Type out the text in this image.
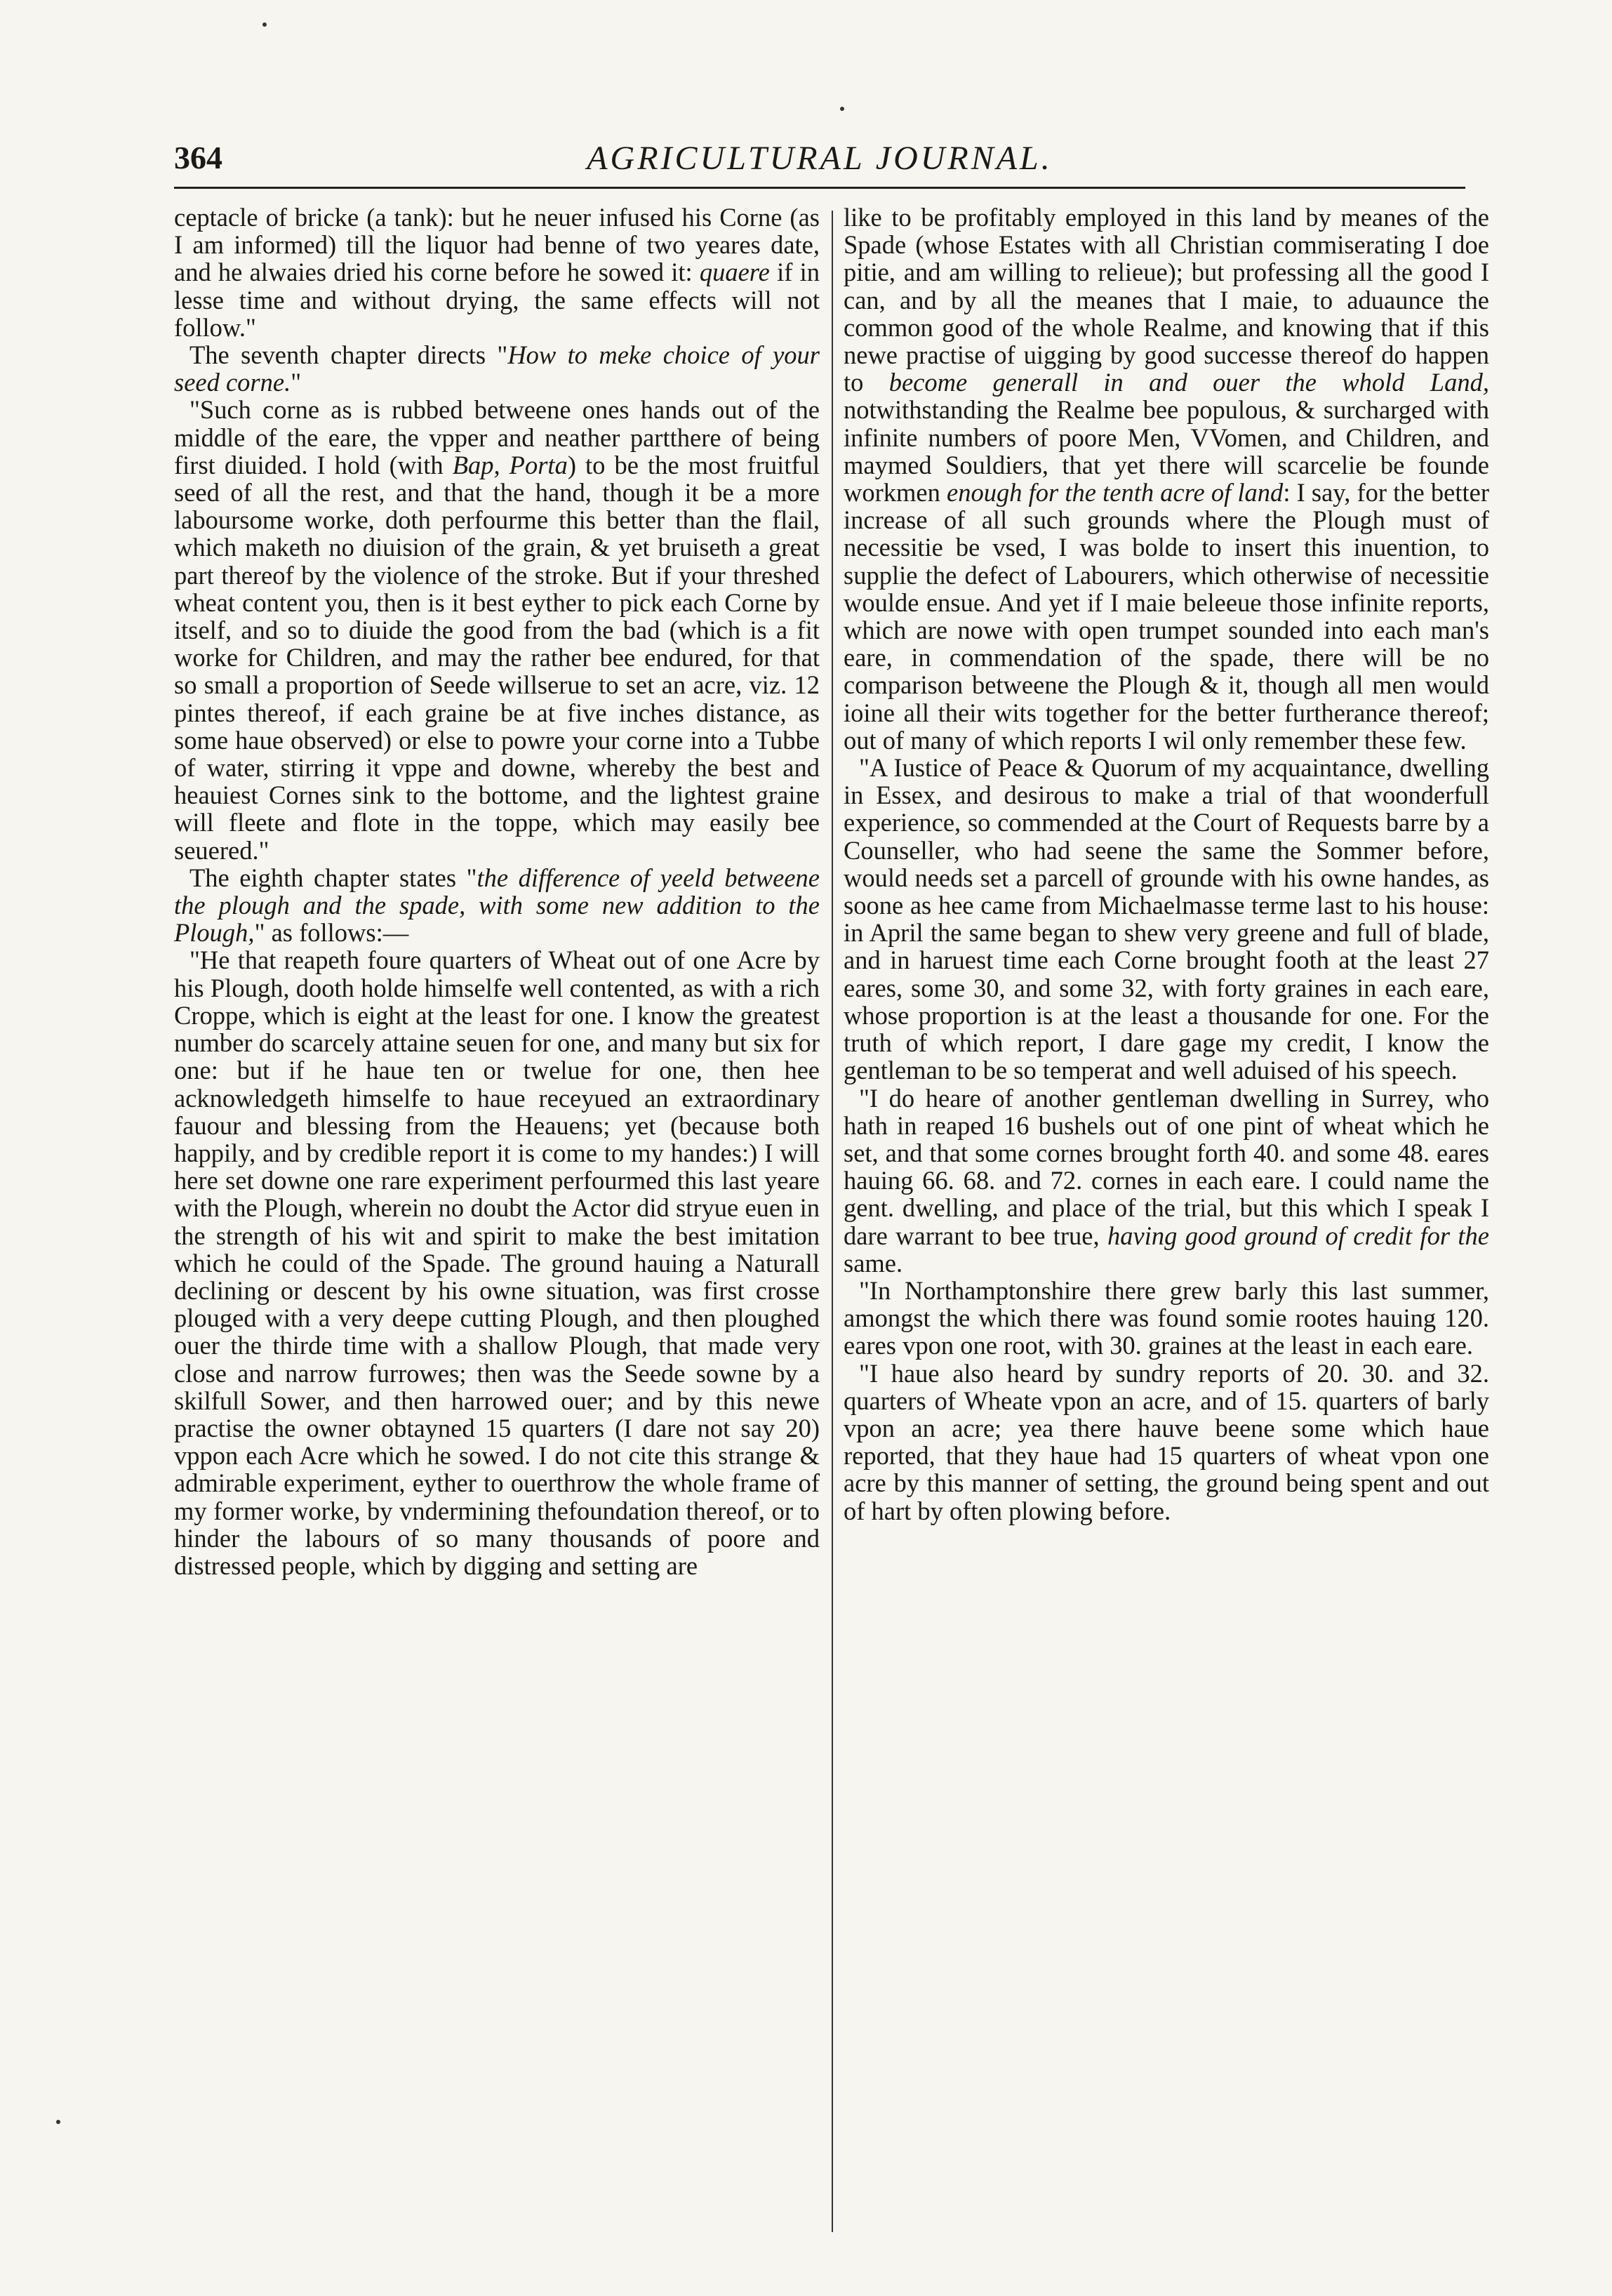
364	AGRICULTURAL JOURNAL.

ceptacle of bricke (a tank): but he neuer infused his Corne (as I am informed) till the liquor had benne of two yeares date, and he alwaies dried his corne before he sowed it: quaere if in lesse time and without drying, the same effects will not follow."

The seventh chapter directs "How to meke choice of your seed corne."

"Such corne as is rubbed betweene ones hands out of the middle of the eare, the vpper and neather partthere of being first diuided. I hold (with Bap, Porta) to be the most fruitful seed of all the rest, and that the hand, though it be a more laboursome worke, doth perfourme this better than the flail, which maketh no diuision of the grain, & yet bruiseth a great part thereof by the violence of the stroke. But if your threshed wheat content you, then is it best eyther to pick each Corne by itself, and so to diuide the good from the bad (which is a fit worke for Children, and may the rather bee endured, for that so small a proportion of Seede willserue to set an acre, viz. 12 pintes thereof, if each graine be at five inches distance, as some haue observed) or else to powre your corne into a Tubbe of water, stirring it vppe and downe, whereby the best and heauiest Cornes sink to the bottome, and the lightest graine will fleete and flote in the toppe, which may easily bee seuered."

The eighth chapter states "the difference of yeeld betweene the plough and the spade, with some new addition to the Plough," as follows:—

"He that reapeth foure quarters of Wheat out of one Acre by his Plough, dooth holde himselfe well contented, as with a rich Croppe, which is eight at the least for one. I know the greatest number do scarcely attaine seuen for one, and many but six for one: but if he haue ten or twelue for one, then hee acknowledgeth himselfe to haue receyued an extraordinary fauour and blessing from the Heauens; yet (because both happily, and by credible report it is come to my handes:) I will here set downe one rare experiment perfourmed this last yeare with the Plough, wherein no doubt the Actor did stryue euen in the strength of his wit and spirit to make the best imitation which he could of the Spade. The ground hauing a Naturall declining or descent by his owne situation, was first crosse plouged with a very deepe cutting Plough, and then ploughed ouer the thirde time with a shallow Plough, that made very close and narrow furrowes; then was the Seede sowne by a skilfull Sower, and then harrowed ouer; and by this newe practise the owner obtayned 15 quarters (I dare not say 20) vppon each Acre which he sowed. I do not cite this strange & admirable experiment, eyther to ouerthrow the whole frame of my former worke, by vndermining thefoundation thereof, or to hinder the labours of so many thousands of poore and distressed people, which by digging and setting are

like to be profitably employed in this land by meanes of the Spade (whose Estates with all Christian commiserating I doe pitie, and am willing to relieue); but professing all the good I can, and by all the meanes that I maie, to aduaunce the common good of the whole Realme, and knowing that if this newe practise of uigging by good successe thereof do happen to become generall in and ouer the whold Land, notwithstanding the Realme bee populous, & surcharged with infinite numbers of poore Men, VVomen, and Children, and maymed Souldiers, that yet there will scarcelie be founde workmen enough for the tenth acre of land: I say, for the better increase of all such grounds where the Plough must of necessitie be vsed, I was bolde to insert this inuention, to supplie the defect of Labourers, which otherwise of necessitie woulde ensue. And yet if I maie beleeue those infinite reports, which are nowe with open trumpet sounded into each man's eare, in commendation of the spade, there will be no comparison betweene the Plough & it, though all men would ioine all their wits together for the better furtherance thereof; out of many of which reports I wil only remember these few.

"A Iustice of Peace & Quorum of my acquaintance, dwelling in Essex, and desirous to make a trial of that woonderfull experience, so commended at the Court of Requests barre by a Counseller, who had seene the same the Sommer before, would needs set a parcell of grounde with his owne handes, as soone as hee came from Michaelmasse terme last to his house: in April the same began to shew very greene and full of blade, and in haruest time each Corne brought footh at the least 27 eares, some 30, and some 32, with forty graines in each eare, whose proportion is at the least a thousande for one. For the truth of which report, I dare gage my credit, I know the gentleman to be so temperat and well aduised of his speech.

"I do heare of another gentleman dwelling in Surrey, who hath in reaped 16 bushels out of one pint of wheat which he set, and that some cornes brought forth 40. and some 48. eares hauing 66. 68. and 72. cornes in each eare. I could name the gent. dwelling, and place of the trial, but this which I speak I dare warrant to bee true, having good ground of credit for the same.

"In Northamptonshire there grew barly this last summer, amongst the which there was found somie rootes hauing 120. eares vpon one root, with 30. graines at the least in each eare.

"I haue also heard by sundry reports of 20. 30. and 32. quarters of Wheate vpon an acre, and of 15. quarters of barly vpon an acre; yea there hauve beene some which haue reported, that they haue had 15 quarters of wheat vpon one acre by this manner of setting, the ground being spent and out of hart by often plowing before.
